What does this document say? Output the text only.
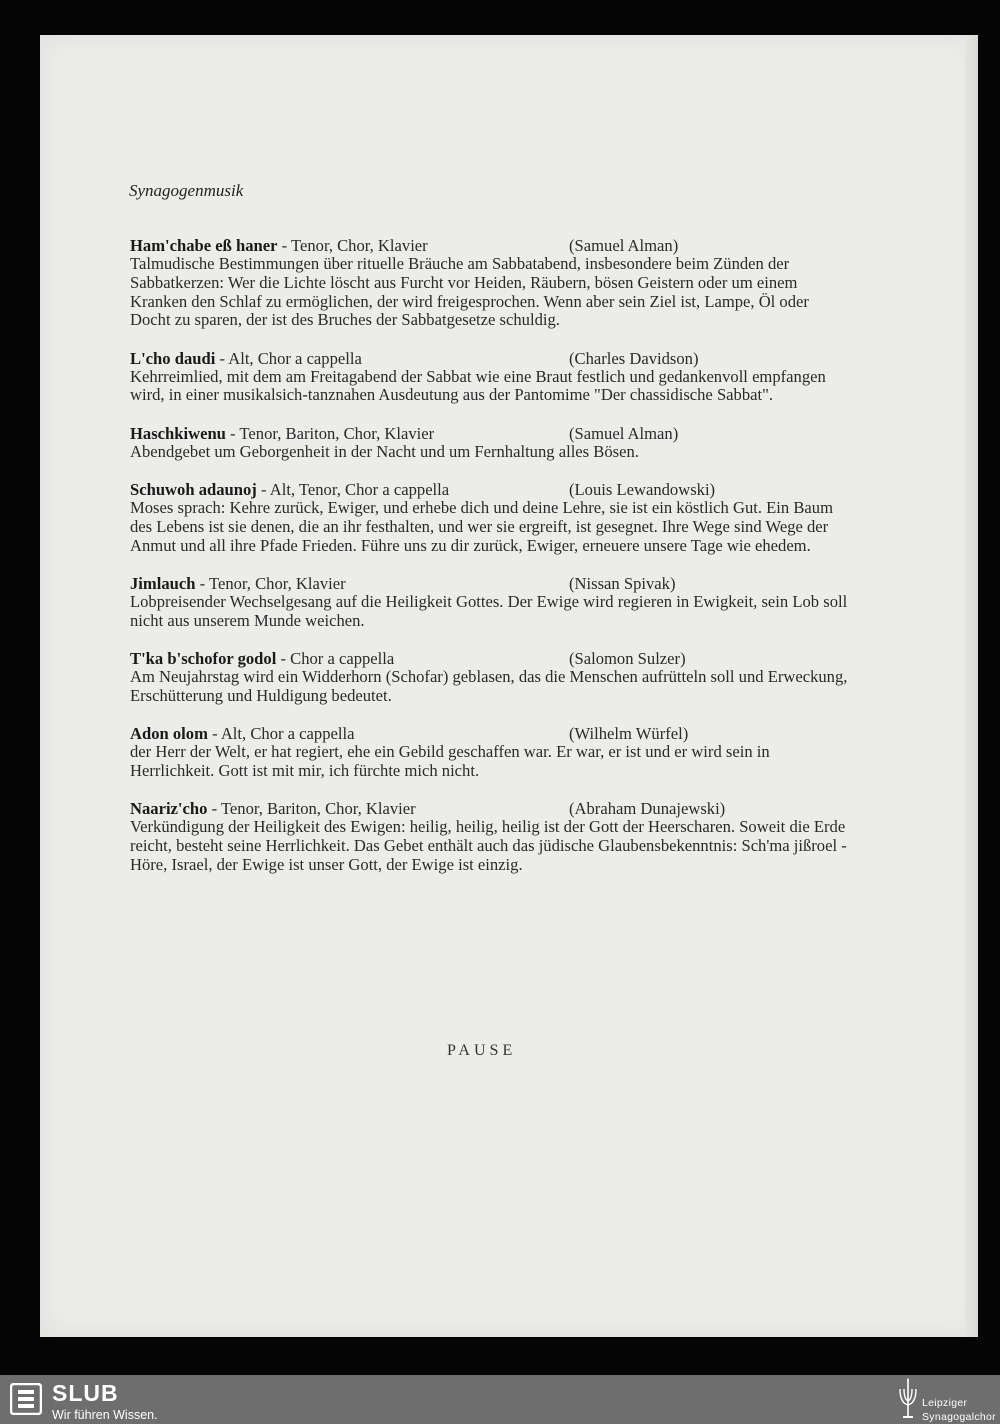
Synagogenmusik
Ham'chabe eß haner - Tenor, Chor, Klavier	(Samuel Alman)

Talmudische Bestimmungen über rituelle Bräuche am Sabbatabend, insbesondere beim Zünden der Sabbatkerzen: Wer die Lichte löscht aus Furcht vor Heiden, Räubern, bösen Geistern oder um einem Kranken den Schlaf zu ermöglichen, der wird freigesprochen. Wenn aber sein Ziel ist, Lampe, Öl oder Docht zu sparen, der ist des Bruches der Sabbatgesetze schuldig.

L'cho daudi - Alt, Chor a cappella	(Charles Davidson)

Kehrreimlied, mit dem am Freitagabend der Sabbat wie eine Braut festlich und gedankenvoll empfangen wird, in einer musikalsich-tanznahen Ausdeutung aus der Pantomime "Der chassidische Sabbat".

Haschkiwenu - Tenor, Bariton, Chor, Klavier	(Samuel Alman)

Abendgebet um Geborgenheit in der Nacht und um Fernhaltung alles Bösen.

Schuwoh adaunoj - Alt, Tenor, Chor a cappella	(Louis Lewandowski)

Moses sprach: Kehre zurück, Ewiger, und erhebe dich und deine Lehre, sie ist ein köstlich Gut. Ein Baum des Lebens ist sie denen, die an ihr festhalten, und wer sie ergreift, ist gesegnet. Ihre Wege sind Wege der Anmut und all ihre Pfade Frieden. Führe uns zu dir zurück, Ewiger, erneuere unsere Tage wie ehedem.

Jimlauch - Tenor, Chor, Klavier	(Nissan Spivak)

Lobpreisender Wechselgesang auf die Heiligkeit Gottes. Der Ewige wird regieren in Ewigkeit, sein Lob soll nicht aus unserem Munde weichen.

T'ka b'schofor godol - Chor a cappella	(Salomon Sulzer)

Am Neujahrstag wird ein Widderhorn (Schofar) geblasen, das die Menschen aufrütteln soll und Erweckung, Erschütterung und Huldigung bedeutet.

Adon olom - Alt, Chor a cappella	(Wilhelm Würfel)

der Herr der Welt, er hat regiert, ehe ein Gebild geschaffen war. Er war, er ist und er wird sein in Herrlichkeit. Gott ist mit mir, ich fürchte mich nicht.

Naariz'cho - Tenor, Bariton, Chor, Klavier	(Abraham Dunajewski)

Verkündigung der Heiligkeit des Ewigen: heilig, heilig, heilig ist der Gott der Heerscharen. Soweit die Erde reicht, besteht seine Herrlichkeit. Das Gebet enthält auch das jüdische Glaubensbekenntnis: Sch'ma jißroel - Höre, Israel, der Ewige ist unser Gott, der Ewige ist einzig.

PAUSE

SLUB
Wir führen Wissen.
Leipziger
Synagogalchor
